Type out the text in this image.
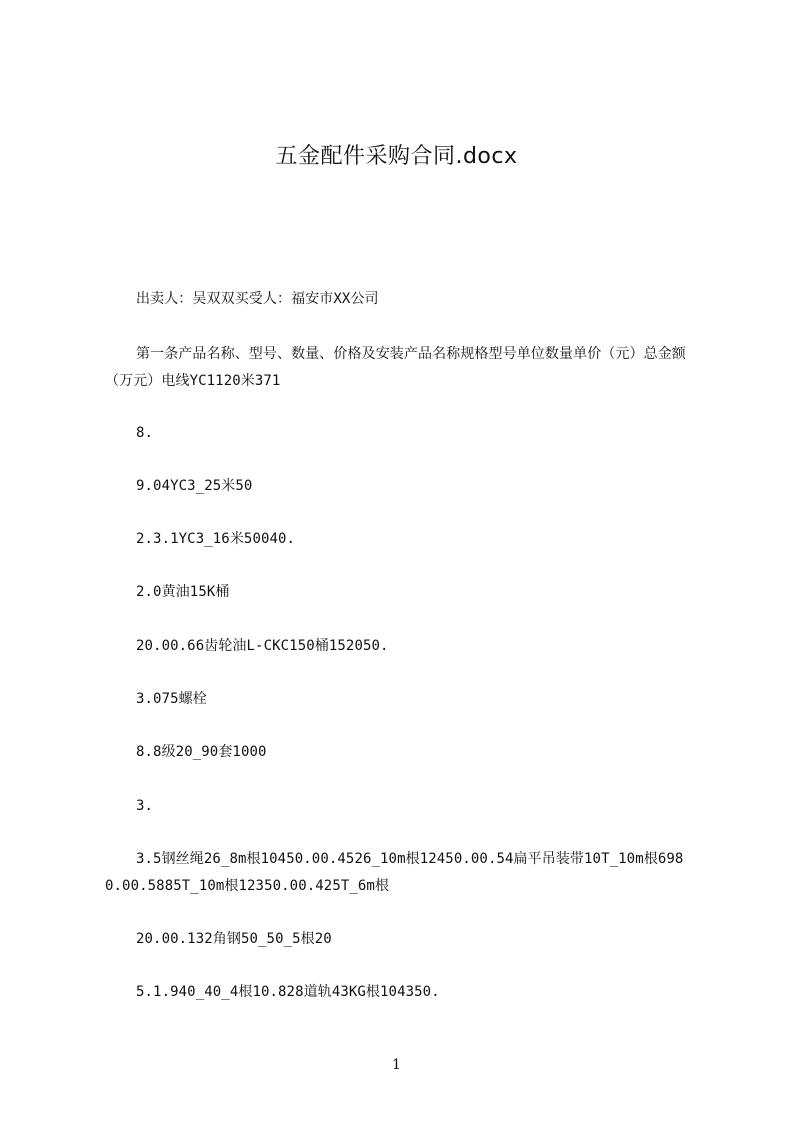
五金配件采购合同.docx

出卖人：吴双双买受人：福安市XX公司

第一条产品名称、型号、数量、价格及安装产品名称规格型号单位数量单价（元）总金额（万元）电线YC1120米371

8.

9.04YC3_25米50

2.3.1YC3_16米50040.

2.0黄油15K桶

20.00.66齿轮油L-CKC150桶152050.

3.075螺栓

8.8级20_90套1000

3.

3.5钢丝绳26_8m根10450.00.4526_10m根12450.00.54扁平吊装带10T_10m根6980.00.5885T_10m根12350.00.425T_6m根

20.00.132角钢50_50_5根20

5.1.940_40_4根10.828道轨43KG根104350.

1
